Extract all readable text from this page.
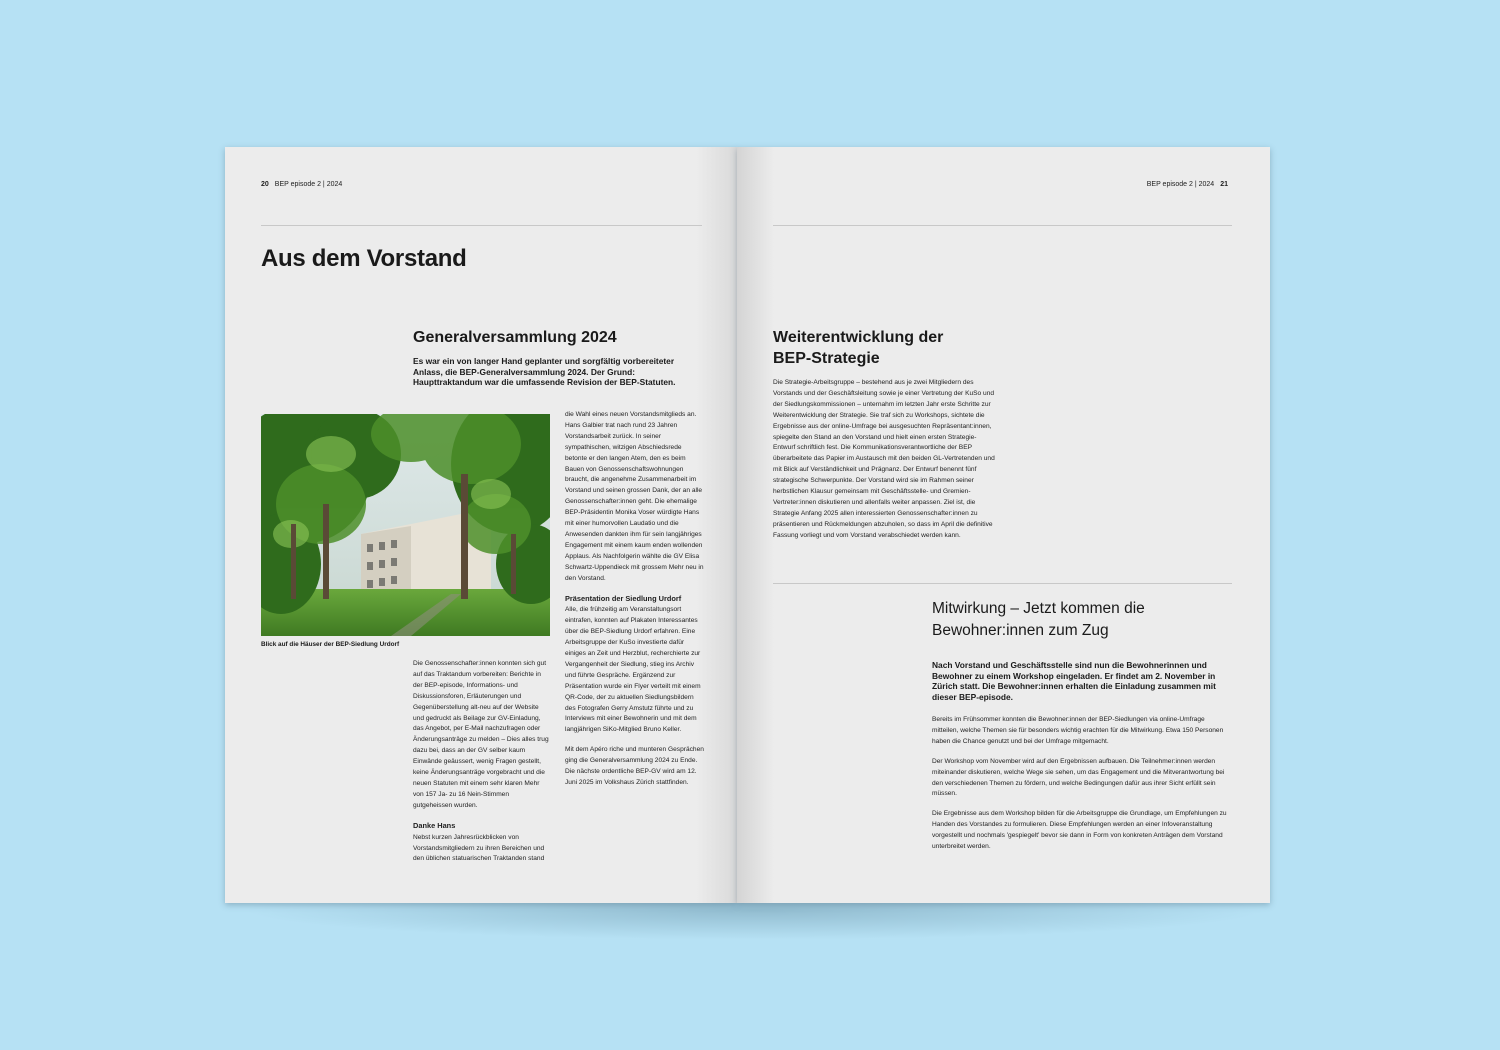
20 BEP episode 2 | 2024
Aus dem Vorstand
Generalversammlung 2024
Es war ein von langer Hand geplanter und sorgfältig vorbereiteter Anlass, die BEP-Generalversammlung 2024. Der Grund: Haupttraktandum war die umfassende Revision der BEP-Statuten.
Blick auf die Häuser der BEP-Siedlung Urdorf
Die Genossenschafter:innen konnten sich gut auf das Traktandum vorbereiten: Berichte in der BEP-episode, Informations- und Diskussionsforen, Erläuterungen und Gegenüberstellung alt-neu auf der Website und gedruckt als Beilage zur GV-Einladung, das Angebot, per E-Mail nachzufragen oder Änderungsanträge zu melden – Dies alles trug dazu bei, dass an der GV selber kaum Einwände geäussert, wenig Fragen gestellt, keine Änderungsanträge vorgebracht und die neuen Statuten mit einem sehr klaren Mehr von 157 Ja- zu 16 Nein-Stimmen gutgeheissen wurden.
Danke Hans
Nebst kurzen Jahresrückblicken von Vorstandsmitgliedern zu ihren Bereichen und den üblichen statuarischen Traktanden stand
die Wahl eines neuen Vorstandsmitglieds an. Hans Galbier trat nach rund 23 Jahren Vorstandsarbeit zurück. In seiner sympathischen, witzigen Abschiedsrede betonte er den langen Atem, den es beim Bauen von Genossenschaftswohnungen braucht, die angenehme Zusammenarbeit im Vorstand und seinen grossen Dank, der an alle Genossenschafter:innen geht. Die ehemalige BEP-Präsidentin Monika Voser würdigte Hans mit einer humorvollen Laudatio und die Anwesenden dankten ihm für sein langjähriges Engagement mit einem kaum enden wollenden Applaus. Als Nachfolgerin wählte die GV Elisa Schwartz-Uppendieck mit grossem Mehr neu in den Vorstand.
Präsentation der Siedlung Urdorf
Alle, die frühzeitig am Veranstaltungsort eintrafen, konnten auf Plakaten Interessantes über die BEP-Siedlung Urdorf erfahren. Eine Arbeitsgruppe der KuSo investierte dafür einiges an Zeit und Herzblut, recherchierte zur Vergangenheit der Siedlung, stieg ins Archiv und führte Gespräche. Ergänzend zur Präsentation wurde ein Flyer verteilt mit einem QR-Code, der zu aktuellen Siedlungsbildern des Fotografen Gerry Amstutz führte und zu Interviews mit einer Bewohnerin und mit dem langjährigen SiKo-Mitglied Bruno Keller.
Mit dem Apéro riche und munteren Gesprächen ging die Generalversammlung 2024 zu Ende. Die nächste ordentliche BEP-GV wird am 12. Juni 2025 im Volkshaus Zürich stattfinden.
BEP episode 2 | 2024 21
Weiterentwicklung der
BEP-Strategie
Die Strategie-Arbeitsgruppe – bestehend aus je zwei Mitgliedern des Vorstands und der Geschäftsleitung sowie je einer Vertretung der KuSo und der Siedlungskommissionen – unternahm im letzten Jahr erste Schritte zur Weiterentwicklung der Strategie. Sie traf sich zu Workshops, sichtete die Ergebnisse aus der online-Umfrage bei ausgesuchten Repräsentant:innen, spiegelte den Stand an den Vorstand und hielt einen ersten Strategie-Entwurf schriftlich fest. Die Kommunikationsverantwortliche der BEP überarbeitete das Papier im Austausch mit den beiden GL-Vertretenden und mit Blick auf Verständlichkeit und Prägnanz. Der Entwurf benennt fünf strategische Schwerpunkte. Der Vorstand wird sie im Rahmen seiner herbstlichen Klausur gemeinsam mit Geschäftsstelle- und Gremien-Vertreter:innen diskutieren und allenfalls weiter anpassen. Ziel ist, die Strategie Anfang 2025 allen interessierten Genossenschafter:innen zu präsentieren und Rückmeldungen abzuholen, so dass im April die definitive Fassung vorliegt und vom Vorstand verabschiedet werden kann.
Mitwirkung – Jetzt kommen die
Bewohner:innen zum Zug
Nach Vorstand und Geschäftsstelle sind nun die Bewohnerinnen und Bewohner zu einem Workshop eingeladen. Er findet am 2. November in Zürich statt. Die Bewohner:innen erhalten die Einladung zusammen mit dieser BEP-episode.
Bereits im Frühsommer konnten die Bewohner:innen der BEP-Siedlungen via online-Umfrage mitteilen, welche Themen sie für besonders wichtig erachten für die Mitwirkung. Etwa 150 Personen haben die Chance genutzt und bei der Umfrage mitgemacht.
Der Workshop vom November wird auf den Ergebnissen aufbauen. Die Teilnehmer:innen werden miteinander diskutieren, welche Wege sie sehen, um das Engagement und die Mitverantwortung bei den verschiedenen Themen zu fördern, und welche Bedingungen dafür aus ihrer Sicht erfüllt sein müssen.
Die Ergebnisse aus dem Workshop bilden für die Arbeitsgruppe die Grundlage, um Empfehlungen zu Handen des Vorstandes zu formulieren. Diese Empfehlungen werden an einer Infoveranstaltung vorgestellt und nochmals 'gespiegelt' bevor sie dann in Form von konkreten Anträgen dem Vorstand unterbreitet werden.
